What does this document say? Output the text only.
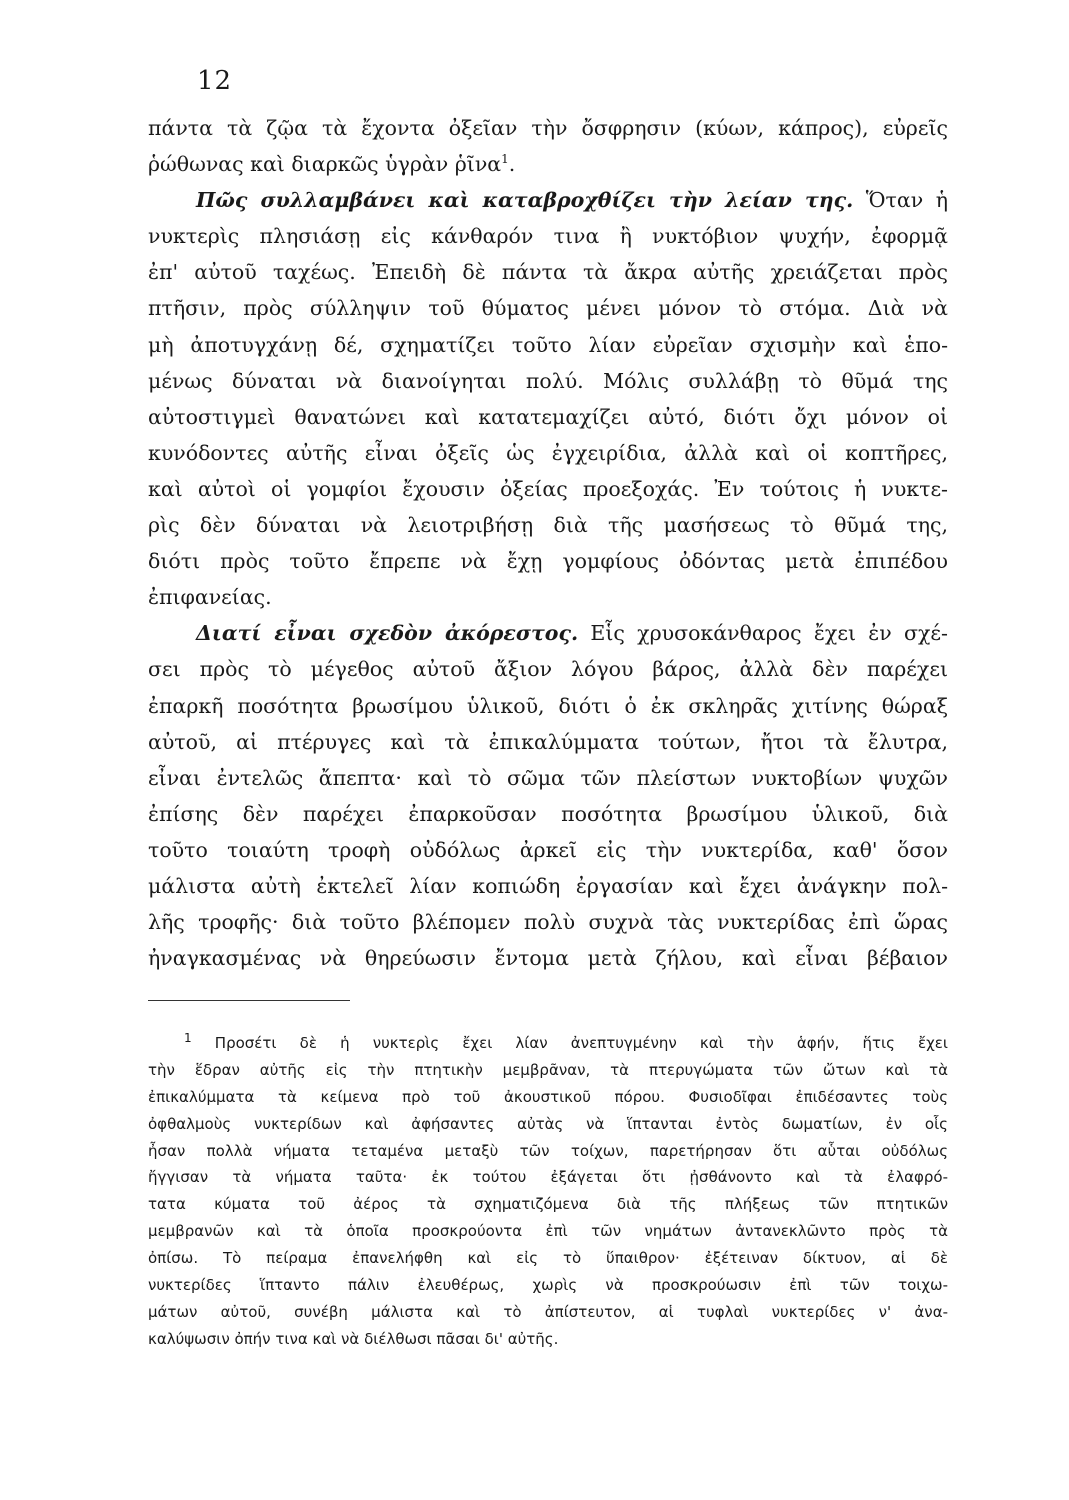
12
πάντα τὰ ζῷα τὰ ἔχοντα ὀξεῖαν τὴν ὄσφρησιν (κύων, κάπρος), εὐρεῖς
ῥώθωνας καὶ διαρκῶς ὑγρὰν ῥῖνα$^1$.
Πῶς συλλαμβάνει καὶ καταβροχθίζει τὴν λείαν της. Ὅταν ἡ
νυκτερὶς πλησιάσῃ εἰς κάνθαρόν τινα ἢ νυκτόβιον ψυχήν, ἐφορμᾷ
ἐπ' αὐτοῦ ταχέως. Ἐπειδὴ δὲ πάντα τὰ ἄκρα αὐτῆς χρειάζεται πρὸς
πτῆσιν, πρὸς σύλληψιν τοῦ θύματος μένει μόνον τὸ στόμα. Διὰ νὰ
μὴ ἀποτυγχάνῃ δέ, σχηματίζει τοῦτο λίαν εὐρεῖαν σχισμὴν καὶ ἑπο-
μένως δύναται νὰ διανοίγηται πολύ. Μόλις συλλάβῃ τὸ θῦμά της
αὐτοστιγμεὶ θανατώνει καὶ κατατεμαχίζει αὐτό, διότι ὄχι μόνον οἱ
κυνόδοντες αὐτῆς εἶναι ὀξεῖς ὡς ἐγχειρίδια, ἀλλὰ καὶ οἱ κοπτῆρες,
καὶ αὐτοὶ οἱ γομφίοι ἔχουσιν ὀξείας προεξοχάς. Ἐν τούτοις ἡ νυκτε-
ρὶς δὲν δύναται νὰ λειοτριβήσῃ διὰ τῆς μασήσεως τὸ θῦμά της,
διότι πρὸς τοῦτο ἔπρεπε νὰ ἔχῃ γομφίους ὀδόντας μετὰ ἐπιπέδου
ἐπιφανείας.
Διατί εἶναι σχεδὸν ἀκόρεστος. Εἷς χρυσοκάνθαρος ἔχει ἐν σχέ-
σει πρὸς τὸ μέγεθος αὐτοῦ ἄξιον λόγου βάρος, ἀλλὰ δὲν παρέχει
ἐπαρκῆ ποσότητα βρωσίμου ὑλικοῦ, διότι ὁ ἐκ σκληρᾶς χιτίνης θώραξ
αὐτοῦ, αἱ πτέρυγες καὶ τὰ ἐπικαλύμματα τούτων, ἤτοι τὰ ἔλυτρα,
εἶναι ἐντελῶς ἄπεπτα· καὶ τὸ σῶμα τῶν πλείστων νυκτοβίων ψυχῶν
ἐπίσης δὲν παρέχει ἐπαρκοῦσαν ποσότητα βρωσίμου ὑλικοῦ, διὰ
τοῦτο τοιαύτη τροφὴ οὐδόλως ἀρκεῖ εἰς τὴν νυκτερίδα, καθ' ὅσον
μάλιστα αὐτὴ ἐκτελεῖ λίαν κοπιώδη ἐργασίαν καὶ ἔχει ἀνάγκην πολ-
λῆς τροφῆς· διὰ τοῦτο βλέπομεν πολὺ συχνὰ τὰς νυκτερίδας ἐπὶ ὥρας
ἠναγκασμένας νὰ θηρεύωσιν ἔντομα μετὰ ζήλου, καὶ εἶναι βέβαιον
$^1$ Προσέτι δὲ ἡ νυκτερὶς ἔχει λίαν ἀνεπτυγμένην καὶ τὴν ἁφήν, ἥτις ἔχει
τὴν ἕδραν αὐτῆς εἰς τὴν πτητικὴν μεμβρᾶναν, τὰ πτερυγώματα τῶν ὤτων καὶ τὰ
ἐπικαλύμματα τὰ κείμενα πρὸ τοῦ ἀκουστικοῦ πόρου. Φυσιοδῖφαι ἐπιδέσαντες τοὺς
ὀφθαλμοὺς νυκτερίδων καὶ ἀφήσαντες αὐτὰς νὰ ἵπτανται ἐντὸς δωματίων, ἐν οἷς
ἦσαν πολλὰ νήματα τεταμένα μεταξὺ τῶν τοίχων, παρετήρησαν ὅτι αὗται οὐδόλως
ἤγγισαν τὰ νήματα ταῦτα· ἐκ τούτου ἐξάγεται ὅτι ᾐσθάνοντο καὶ τὰ ἐλαφρό-
τατα κύματα τοῦ ἀέρος τὰ σχηματιζόμενα διὰ τῆς πλήξεως τῶν πτητικῶν
μεμβρανῶν καὶ τὰ ὁποῖα προσκρούοντα ἐπὶ τῶν νημάτων ἀντανεκλῶντο πρὸς τὰ
ὀπίσω. Τὸ πείραμα ἐπανελήφθη καὶ εἰς τὸ ὕπαιθρον· ἐξέτειναν δίκτυον, αἱ δὲ
νυκτερίδες ἵπταντο πάλιν ἐλευθέρως, χωρὶς νὰ προσκρούωσιν ἐπὶ τῶν τοιχω-
μάτων αὐτοῦ, συνέβη μάλιστα καὶ τὸ ἀπίστευτον, αἱ τυφλαὶ νυκτερίδες ν' ἀνα-
καλύψωσιν ὀπήν τινα καὶ νὰ διέλθωσι πᾶσαι δι' αὐτῆς.
